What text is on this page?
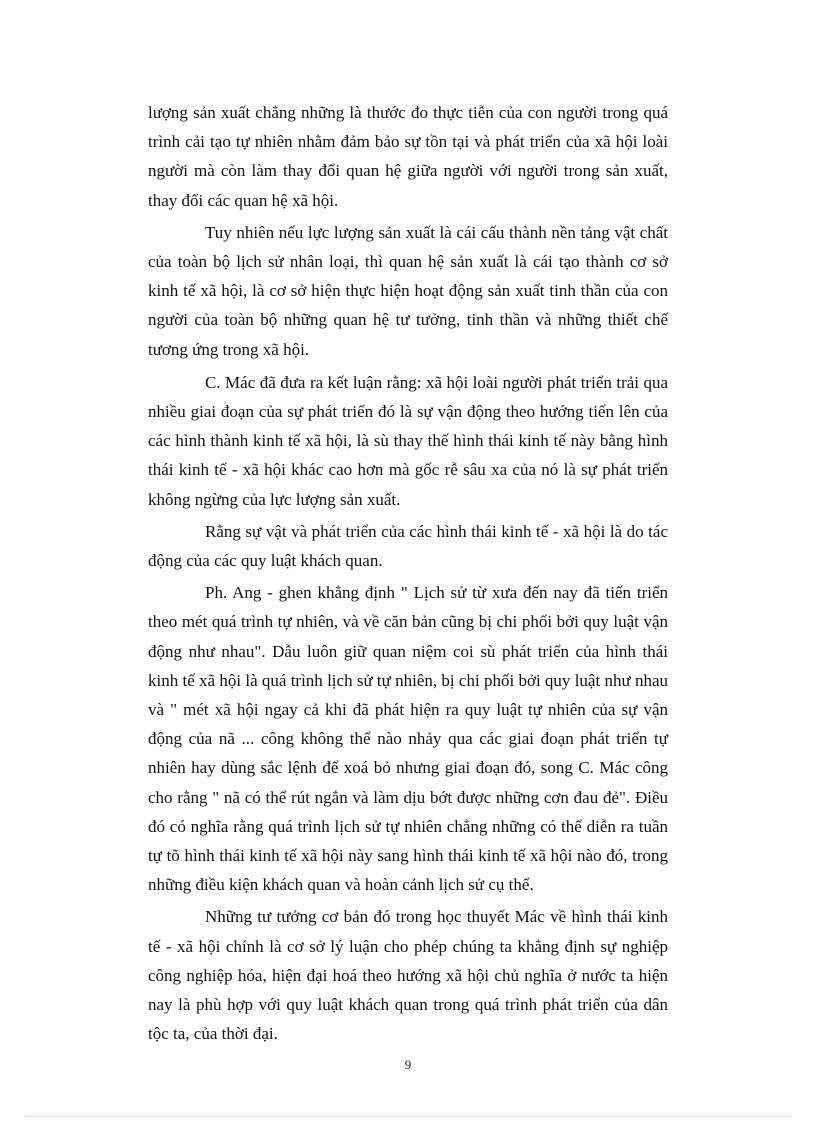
lượng sản xuất chẳng những là thước đo thực tiễn của con người trong quá trình cải tạo tự nhiên nhằm đảm bảo sự tồn tại và phát triển của xã hội loài người mà còn làm thay đổi quan hệ giữa người với người trong sản xuất, thay đổi các quan hệ xã hội.

Tuy nhiên nếu lực lượng sản xuất là cái cấu thành nền tảng vật chất của toàn bộ lịch sử nhân loại, thì quan hệ sản xuất là cái tạo thành cơ sở kinh tế xã hội, là cơ sở hiện thực hiện hoạt động sản xuất tinh thần của con người của toàn bộ những quan hệ tư tưởng, tinh thần và những thiết chế tương ứng trong xã hội.

C. Mác đã đưa ra kết luận rằng: xã hội loài người phát triển trải qua nhiều giai đoạn của sự phát triển đó là sự vận động theo hướng tiến lên của các hình thành kinh tế xã hội, là sù thay thế hình thái kinh tế này bằng hình thái kinh tế - xã hội khác cao hơn mà gốc rễ sâu xa của nó là sự phát triển không ngừng của lực lượng sản xuất.

Rằng sự vật và phát triển của các hình thái kinh tế - xã hội là do tác động của các quy luật khách quan.

Ph. Ang - ghen khẳng định " Lịch sử từ xưa đến nay đã tiến triển theo mét quá trình tự nhiên, và về căn bản cũng bị chi phối bởi quy luật vận động như nhau". Dẫu luôn giữ quan niệm coi sù phát triển của hình thái kinh tế xã hội là quá trình lịch sử tự nhiên, bị chi phối bởi quy luật như nhau và " mét xã hội ngay cả khi đã phát hiện ra quy luật tự nhiên của sự vận động của nã ... công không thể nào nhảy qua các giai đoạn phát triển tự nhiên hay dùng sắc lệnh để xoá bỏ nhưng giai đoạn đó, song C. Mác công cho rằng " nã có thể rút ngắn và làm dịu bớt được những cơn đau đẻ". Điều đó có nghĩa rằng quá trình lịch sử tự nhiên chẳng những có thể diễn ra tuần tự tõ hình thái kinh tế xã hội này sang hình thái kinh tế xã hội nào đó, trong những điều kiện khách quan và hoàn cảnh lịch sử cụ thể.

Những tư tưởng cơ bản đó trong học thuyết Mác về hình thái kinh tế - xã hội chính là cơ sở lý luận cho phép chúng ta khẳng định sự nghiệp công nghiệp hóa, hiện đại hoá theo hướng xã hội chủ nghĩa ở nước ta hiện nay là phù hợp với quy luật khách quan trong quá trình phát triển của dân tộc ta, của thời đại.

9
